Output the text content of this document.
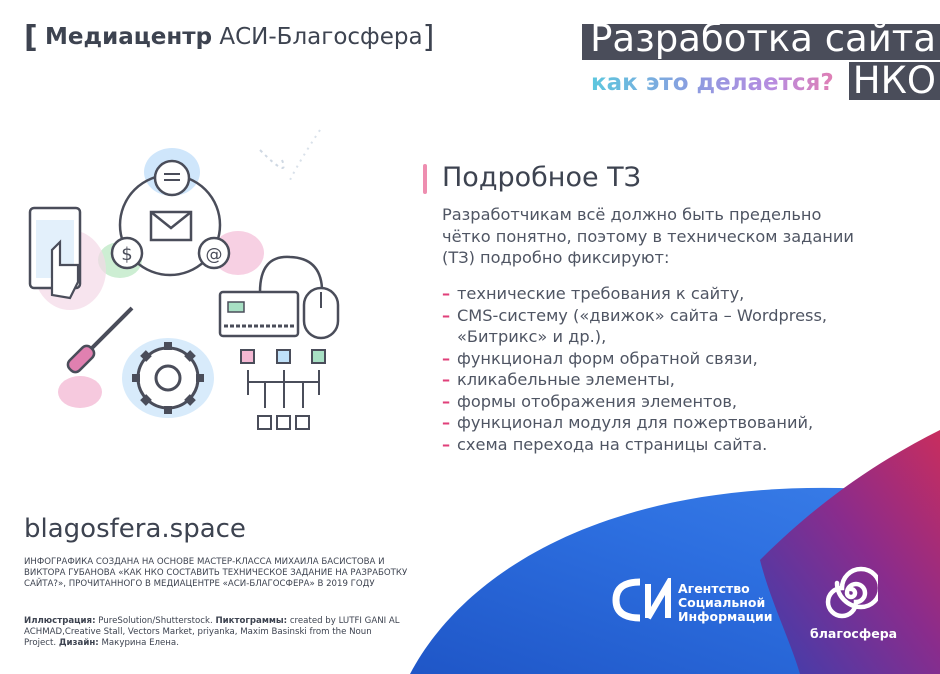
[ Медиацентр АСИ-Благосфера]	Разработка сайта
НКО
как это делается?
$	@
Подробное ТЗ
Разработчикам всё должно быть предельно чётко понятно, поэтому в техническом задании (ТЗ) подробно фиксируют:
– технические требования к сайту,
– CMS-систему («движок» сайта – Wordpress, «Битрикс» и др.),
– функционал форм обратной связи,
– кликабельные элементы,
– формы отображения элементов,
– функционал модуля для пожертвований,
– схема перехода на страницы сайта.
blagosfera.space
ИНФОГРАФИКА СОЗДАНА НА ОСНОВЕ МАСТЕР-КЛАССА МИХАИЛА БАСИСТОВА И ВИКТОРА ГУБАНОВА «КАК НКО СОСТАВИТЬ ТЕХНИЧЕСКОЕ ЗАДАНИЕ НА РАЗРАБОТКУ САЙТА?», ПРОЧИТАННОГО В МЕДИАЦЕНТРЕ «АСИ-БЛАГОСФЕРА» В 2019 ГОДУ
Иллюстрация: PureSolution/Shutterstock. Пиктограммы: created by LUTFI GANI AL ACHMAD,Creative Stall, Vectors Market, priyanka, Maxim Basinski from the Noun Project. Дизайн: Макурина Елена.
Агентство
Социальной
Информации
благосфера
